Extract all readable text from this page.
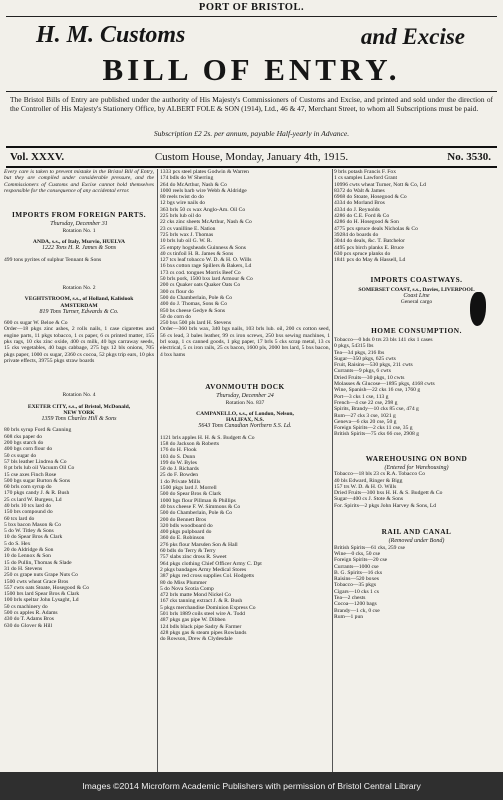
PORT OF BRISTOL.
H. M. Customs	and Excise
BILL OF ENTRY.
The Bristol Bills of Entry are published under the authority of His Majesty's Commissioners of Customs and Excise, and printed and sold under the direction of the Controller of His Majesty's Stationery Office, by ALBERT FOLE & SON (1914), Ltd., 46 & 47, Merchant Street, to whom all Subscriptions must be paid.
Subscription £2 2s. per annum, payable Half-yearly in Advance.
Custom House, Monday, January 4th, 1915.
Vol. XXXV.	No. 3530.
Every care is taken to prevent mistake in the Bristol Bill of Entry, but they are compiled under considerable pressure, and the Commissioners of Customs and Excise cannot hold themselves responsible for the consequence of any accidental error.
IMPORTS FROM FOREIGN PARTS.
Thursday, December 31
Rotation No. 1
ANDA, s.s., of Italy, Murvio, HUELVA
1222 Tons H. R. James & Sons
499 tons pyrites of sulphur Tennant & Sons
Rotation No. 2
VEGHTSTROOM, s.s., of Holland, Kalislook
AMSTERDAM
819 Tons Turner, Edwards & Co.
600 cs sugar W. Beloe & Co
Order—18 pkgs zinc ashes, 2 rolls nails, 1 case cigarettes and engine parts, 11 pkgs tobacco, 1 cs paper, 6 cs printed matter, 155 pks rags, 10 cks zinc oxide, 400 cs milk, 40 bgs carraway seeds, 15 cks vegetables, 40 bags cabbage, 275 bgs 12 bls onions, 705 pkgs paper, 1000 cs sugar, 2360 cs cocoa, 52 pkgs trip ears, 10 pks private effects, 39755 pkgs straw boards
Rotation No. 4
EXETER CITY, s.s., of Bristol, McDonald,
NEW YORK
1359 Tons Charles Hill & Sons
80 brls syrup Ford & Canning
608 cks paper do
200 bgs starch do
400 bgs corn flour do
50 cs sugar do
57 bls leather Lindrea & Co
8 pt brls lub oil Vacuum Oil Co
15 cse axes Finch Rose
500 bgs sugar Burton & Sons
60 brls corn syrup do
170 pkgs candy J. & R. Bush
25 cs lard W. Burgess, Ld
40 brls 10 tcs lard do
150 brs compound do
60 tcs lard do
5 bxs bacon Mason & Co
5 do W. Titley & Sons
10 do Spear Bros & Clark
5 do S. Hex
20 do Aldridge & Son
10 do Lennox & Son
15 do Pullin, Thomas & Slade
31 do H. Stevens
250 cs grape nuts Grape Nuts Co
1500 cwts wheat Grace Bros
557 cwts oats Stoate, Hosegood & Co
1500 brs lard Spear Bros & Clark
100 brls speltar John Lysaght, Ld
50 cs machinery do
500 cs apples R. Adams
430 do T. Adams Bros
630 do Glover & Hill
1333 pcs steel plates Godwin & Warren
174 bdls do W Sherring
264 do McArthur, Nash & Co
1000 reels barb wire Webb & Aldridge
80 reels twist do do
12 bgs wire nails do
363 brls 50 cs wax Anglo-Am. Oil Co
225 brls lub oil do
22 cks zinc sheets McArthur, Nash & Co
23 cs vanilline E. Nation
725 brls wax J. Thomas
10 brls lub oil G. W. R.
25 empty hogsheads Guinness & Sons
40 cs tinfoil H. R. James & Sons
127 tcs leaf tobacco W. D. & H. O. Wills
16 bxs cotton rage Spillers & Bakers, Ld
173 cs cod. tongues Morris Beef Co
50 brls pork, 1500 bxs lard Armour & Co
200 cs Quaker oats Quaker Oats Co
300 cs flour do
500 do Chamberlain, Pole & Co
400 do J. Thomas, Sons & Co
850 bs cheese Gedye & Sons
50 do corn do
250 bxs 500 pls lard H. Stevens
Order—360 brls wax, 340 bgs nails, 103 brls lub. oil, 200 cs cotton seed, 56 cs lead, 3 bales leather, 99 cs iron screws, 250 bxs sewing machines, 1 brl soap, 1 cs canned goods, 1 pkg paper, 17 brls 5 cks scrap metal, 13 cs electrical, 5 cs iron rails, 25 cs bacon, 1600 pls, 2000 brs lard, 5 bxs bacon, 4 bxs hams
AVONMOUTH DOCK
Thursday, December 24
Rotation No. 837
CAMPANELLO, s.s., of London, Nelson,
HALIFAX, N.S.
5643 Tons Canadian Northern S.S. Ld.
1121 brls apples H. H. & S. Budgett & Co
158 do Jackson & Roberts
176 do H. Flook
103 do S. Dunn
199 do W. Byles
50 do J. Richards
25 do F. Bowden
1 do Private Mills
1500 pkgs lard J. Morrell
500 do Spear Bros & Clark
1000 bgs flour Pillman & Phillips
40 bxs cheese F. W. Simmons & Co
500 do Chamberlain, Pole & Co
200 do Bennett Bros
320 bdls woodboard do
400 pkgs pulpboard do
360 do E. Robinson
276 pks flour Marsden Son & Hall
60 bdls do Terry & Terry
757 slabs zinc dross R. Sweet
964 pkgs clothing Chief Officer Army C. Dpt
2 pkgs bandages Army Medical Stores
387 pkgs red cross supplies Col. Hodgetts
80 do Miss Plummer
5 do Nova Scotia Comp
472 brls matte Mond Nickel Co
167 cks tanning extract J. & R. Bush
5 pkgs merchandise Dominion Express Co
501 brls 1889 coils steel wire A. Todd
487 pkgs gas pipe W. Dibben
124 bdls black pipe Sadry & Farmer
428 pkgs gas & steam pipes Rowlands
do Rowson, Drew & Clydesdale
9 brls potash Francis F. Fox
1 cs samples Lawford Grant
10996 cwts wheat Turner, Nott & Co, Ld
8372 do Walt & James
6968 do Stoate, Hosegood & Co
4334 do Morland Bros
4334 do J. Reynolds
4286 do C.E. Ford & Co
4286 do H. Hosegood & Son
4775 pcs spruce deals Nicholas & Co
39284 do boards do
3044 do deals, &c. T. Batchelor
4495 pcs birch planks E. Bruce
630 pcs spruce planks do
1841 pcs do May & Hassell, Ld
IMPORTS COASTWAYS.
SOMERSET COAST, s.s., Davies, LIVERPOOL
Coast Line
General cargo
HOME CONSUMPTION.
Tobacco—0 hds 0 trs 23 bls 141 cks 1 cases
0 pkgs, 54315 lbs
Tea—34 pkgs, 216 lbs
Sugar—350 pkgs, 625 cwts
Fruit, Raisins—530 pkgs, 211 cwts
Currants—9 pkgs, 6 cwts
Dried Fruits—30 pkgs, 10 cwts
Molasses & Glucose—1895 pkgs, 4168 cwts
Wine, Spanish—22 cks 16 cse, 1760 g
Port—3 cks 1 cse, 113 g
French—4 cse 22 cse, 298 g
Spirits, Brandy—10 cks 85 cse, 474 g
Rum—27 cks 3 cse, 1021 g
Geneva—6 cks 20 cse, 50 g
Foreign Spirits—2 cks 11 cse, 35 g
British Spirits—75 cks 66 cse, 2908 g
WAREHOUSING ON BOND
(Entered for Warehousing)
Tobacco—18 bls 23 cs R.A. Tobacco Co
40 bls Edward, Ringer & Bigg
157 trs W. D. & H. O. Wills
Dried Fruits—300 bxs H. H. & S. Budgett & Co
Sugar—400 cs J. Stote & Sons
For. Spirits—2 pkgs John Harvey & Sons, Ld
RAIL AND CANAL
(Removed under Bond)
British Spirits—61 cks, 259 cse
Wine—0 cks, 50 cse
Foreign Spirits—20 cse
Currants—1000 cse
B. G. Spirits—16 cks
Raisins—520 boxes
Tobacco—35 pkgs
Cigars—10 cks 1 cs
Tea—2 chests
Cocoa—1200 bags
Brandy—1 ck, 0 cse
Rum—1 pun
Images ©2014 Microform Academic Publishers with permission of Bristol Central Library
